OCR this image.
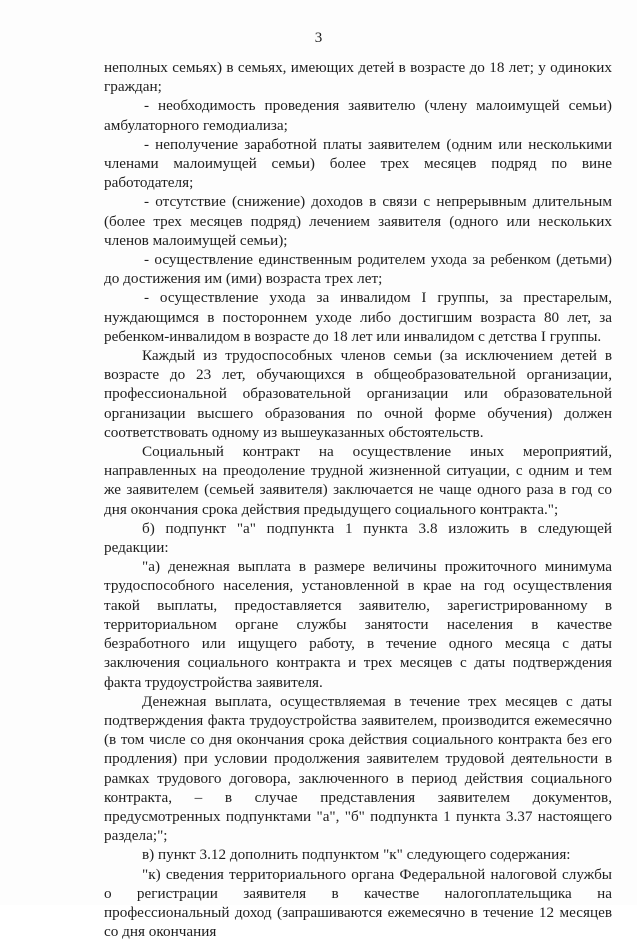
3

неполных семьях) в семьях, имеющих детей в возрасте до 18 лет; у одиноких граждан;

- необходимость проведения заявителю (члену малоимущей семьи) амбулаторного гемодиализа;

- неполучение заработной платы заявителем (одним или несколькими членами малоимущей семьи) более трех месяцев подряд по вине работодателя;

- отсутствие (снижение) доходов в связи с непрерывным длительным (более трех месяцев подряд) лечением заявителя (одного или нескольких членов малоимущей семьи);

- осуществление единственным родителем ухода за ребенком (детьми) до достижения им (ими) возраста трех лет;

- осуществление ухода за инвалидом I группы, за престарелым, нуждающимся в постороннем уходе либо достигшим возраста 80 лет, за ребенком-инвалидом в возрасте до 18 лет или инвалидом с детства I группы.

Каждый из трудоспособных членов семьи (за исключением детей в возрасте до 23 лет, обучающихся в общеобразовательной организации, профессиональной образовательной организации или образовательной организации высшего образования по очной форме обучения) должен соответствовать одному из вышеуказанных обстоятельств.

Социальный контракт на осуществление иных мероприятий, направленных на преодоление трудной жизненной ситуации, с одним и тем же заявителем (семьей заявителя) заключается не чаще одного раза в год со дня окончания срока действия предыдущего социального контракта.";

б) подпункт "а" подпункта 1 пункта 3.8 изложить в следующей редакции:

"а) денежная выплата в размере величины прожиточного минимума трудоспособного населения, установленной в крае на год осуществления такой выплаты, предоставляется заявителю, зарегистрированному в территориальном органе службы занятости населения в качестве безработного или ищущего работу, в течение одного месяца с даты заключения социального контракта и трех месяцев с даты подтверждения факта трудоустройства заявителя.

Денежная выплата, осуществляемая в течение трех месяцев с даты подтверждения факта трудоустройства заявителем, производится ежемесячно (в том числе со дня окончания срока действия социального контракта без его продления) при условии продолжения заявителем трудовой деятельности в рамках трудового договора, заключенного в период действия социального контракта, – в случае представления заявителем документов, предусмотренных подпунктами "а", "б" подпункта 1 пункта 3.37 настоящего раздела;";

в) пункт 3.12 дополнить подпунктом "к" следующего содержания:

"к) сведения территориального органа Федеральной налоговой службы о регистрации заявителя в качестве налогоплательщика на профессиональный доход (запрашиваются ежемесячно в течение 12 месяцев со дня окончания
